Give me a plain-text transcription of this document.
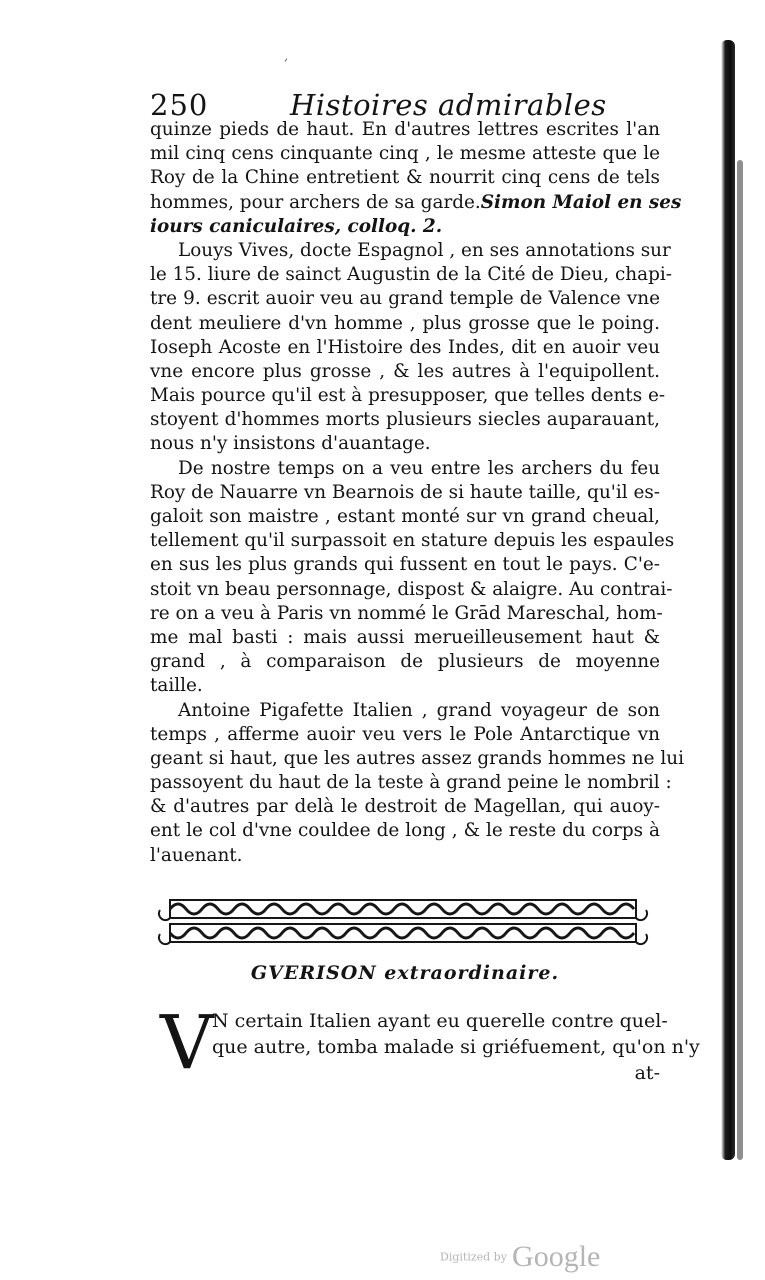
,
250	Histoires admirables
quinze pieds de haut. En d'autres lettres escrites l'an
mil cinq cens cinquante cinq , le mesme atteste que le
Roy de la Chine entretient & nourrit cinq cens de tels
hommes, pour archers de sa garde. Simon Maiol en ses
iours caniculaires, colloq. 2.
Louys Vives, docte Espagnol , en ses annotations sur
le 15. liure de sainct Augustin de la Cité de Dieu, chapi-
tre 9. escrit auoir veu au grand temple de Valence vne
dent meuliere d'vn homme , plus grosse que le poing.
Ioseph Acoste en l'Histoire des Indes, dit en auoir veu
vne encore plus grosse , & les autres à l'equipollent.
Mais pource qu'il est à presupposer, que telles dents e-
stoyent d'hommes morts plusieurs siecles auparauant,
nous n'y insistons d'auantage.
De nostre temps on a veu entre les archers du feu
Roy de Nauarre vn Bearnois de si haute taille, qu'il es-
galoit son maistre , estant monté sur vn grand cheual,
tellement qu'il surpassoit en stature depuis les espaules
en sus les plus grands qui fussent en tout le pays. C'e-
stoit vn beau personnage, dispost & alaigre. Au contrai-
re on a veu à Paris vn nommé le Grād Mareschal, hom-
me mal basti : mais aussi merueilleusement haut &
grand , à comparaison de plusieurs de moyenne
taille.
Antoine Pigafette Italien , grand voyageur de son
temps , afferme auoir veu vers le Pole Antarctique vn
geant si haut, que les autres assez grands hommes ne lui
passoyent du haut de la teste à grand peine le nombril :
& d'autres par delà le destroit de Magellan, qui auoy-
ent le col d'vne couldee de long , & le reste du corps à
l'auenant.
GVERISON extraordinaire.
V
N certain Italien ayant eu querelle contre quel-
que autre, tomba malade si griéfuement, qu'on n'y
at-
Digitized by Google
